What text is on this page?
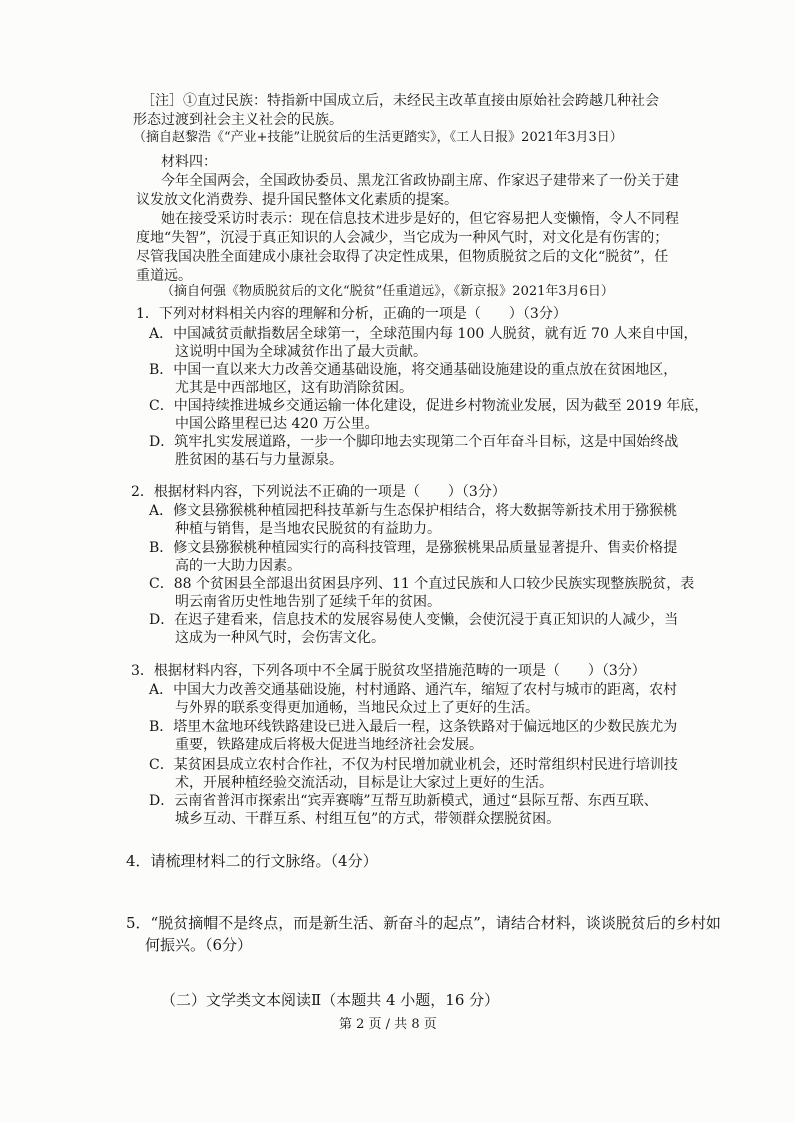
［注］①直过民族：特指新中国成立后，未经民主改革直接由原始社会跨越几种社会
形态过渡到社会主义社会的民族。
（摘自赵黎浩《“产业+技能”让脱贫后的生活更踏实》，《工人日报》2021年3月3日）
材料四：
今年全国两会，全国政协委员、黑龙江省政协副主席、作家迟子建带来了一份关于建
议发放文化消费券、提升国民整体文化素质的提案。
她在接受采访时表示：现在信息技术进步是好的，但它容易把人变懒惰，令人不同程
度地“失智”，沉浸于真正知识的人会减少，当它成为一种风气时，对文化是有伤害的；
尽管我国决胜全面建成小康社会取得了决定性成果，但物质脱贫之后的文化“脱贫”，任
重道远。
（摘自何强《物质脱贫后的文化“脱贫”任重道远》，《新京报》2021年3月6日）
1．下列对材料相关内容的理解和分析，正确的一项是（　　）（3分）
A．中国减贫贡献指数居全球第一，全球范围内每 100 人脱贫，就有近 70 人来自中国，
这说明中国为全球减贫作出了最大贡献。
B．中国一直以来大力改善交通基础设施，将交通基础设施建设的重点放在贫困地区，
尤其是中西部地区，这有助消除贫困。
C．中国持续推进城乡交通运输一体化建设，促进乡村物流业发展，因为截至 2019 年底，
中国公路里程已达 420 万公里。
D．筑牢扎实发展道路，一步一个脚印地去实现第二个百年奋斗目标，这是中国始终战
胜贫困的基石与力量源泉。
2．根据材料内容，下列说法不正确的一项是（　　）（3分）
A．修文县猕猴桃种植园把科技革新与生态保护相结合，将大数据等新技术用于猕猴桃
种植与销售，是当地农民脱贫的有益助力。
B．修文县猕猴桃种植园实行的高科技管理，是猕猴桃果品质量显著提升、售卖价格提
高的一大助力因素。
C．88 个贫困县全部退出贫困县序列、11 个直过民族和人口较少民族实现整族脱贫，表
明云南省历史性地告别了延续千年的贫困。
D．在迟子建看来，信息技术的发展容易使人变懒，会使沉浸于真正知识的人减少，当
这成为一种风气时，会伤害文化。
3．根据材料内容，下列各项中不全属于脱贫攻坚措施范畴的一项是（　　）（3分）
A．中国大力改善交通基础设施，村村通路、通汽车，缩短了农村与城市的距离，农村
与外界的联系变得更加通畅，当地民众过上了更好的生活。
B．塔里木盆地环线铁路建设已进入最后一程，这条铁路对于偏远地区的少数民族尤为
重要，铁路建成后将极大促进当地经济社会发展。
C．某贫困县成立农村合作社，不仅为村民增加就业机会，还时常组织村民进行培训技
术，开展种植经验交流活动，目标是让大家过上更好的生活。
D．云南省普洱市探索出“宾弄赛嗨”互帮互助新模式，通过“县际互帮、东西互联、
城乡互动、干群互系、村组互包”的方式，带领群众摆脱贫困。
4．请梳理材料二的行文脉络。（4分）
5．“脱贫摘帽不是终点，而是新生活、新奋斗的起点”，请结合材料，谈谈脱贫后的乡村如
何振兴。（6分）
（二）文学类文本阅读Ⅱ（本题共 4 小题，16 分）
第 2 页 / 共 8 页
